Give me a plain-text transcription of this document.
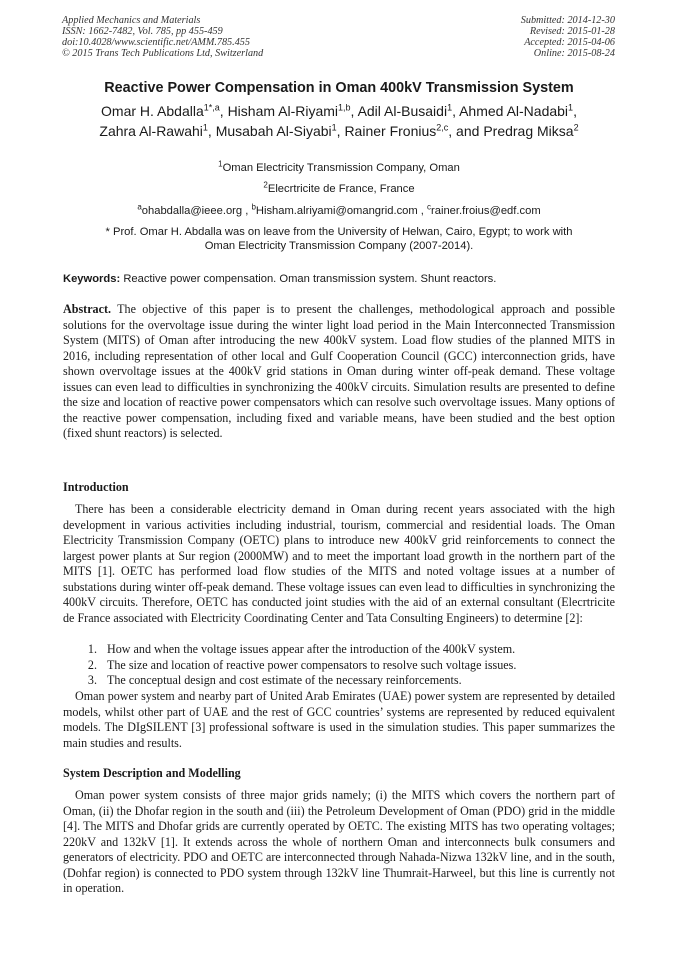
Applied Mechanics and Materials
ISSN: 1662-7482, Vol. 785, pp 455-459
doi:10.4028/www.scientific.net/AMM.785.455
© 2015 Trans Tech Publications Ltd, Switzerland
Submitted: 2014-12-30
Revised: 2015-01-28
Accepted: 2015-04-06
Online: 2015-08-24
Reactive Power Compensation in Oman 400kV Transmission System
Omar H. Abdalla$^{1*,a}$, Hisham Al-Riyami$^{1,b}$, Adil Al-Busaidi$^1$, Ahmed Al-Nadabi$^1$,
Zahra Al-Rawahi$^1$, Musabah Al-Siyabi$^1$, Rainer Fronius$^{2,c}$, and Predrag Miksa$^2$
$^1$Oman Electricity Transmission Company, Oman
$^2$Elecrtricite de France, France
$^a$ohabdalla@ieee.org , $^b$Hisham.alriyami@omangrid.com , $^c$rainer.froius@edf.com
* Prof. Omar H. Abdalla was on leave from the University of Helwan, Cairo, Egypt; to work with
Oman Electricity Transmission Company (2007-2014).
Keywords: Reactive power compensation. Oman transmission system. Shunt reactors.
Abstract. The objective of this paper is to present the challenges, methodological approach and possible solutions for the overvoltage issue during the winter light load period in the Main Interconnected Transmission System (MITS) of Oman after introducing the new 400kV system. Load flow studies of the planned MITS in 2016, including representation of other local and Gulf Cooperation Council (GCC) interconnection grids, have shown overvoltage issues at the 400kV grid stations in Oman during winter off-peak demand. These voltage issues can even lead to difficulties in synchronizing the 400kV circuits. Simulation results are presented to define the size and location of reactive power compensators which can resolve such overvoltage issues. Many options of the reactive power compensation, including fixed and variable means, have been studied and the best option (fixed shunt reactors) is selected.
Introduction
There has been a considerable electricity demand in Oman during recent years associated with the high development in various activities including industrial, tourism, commercial and residential loads. The Oman Electricity Transmission Company (OETC) plans to introduce new 400kV grid reinforcements to connect the largest power plants at Sur region (2000MW) and to meet the important load growth in the northern part of the MITS [1]. OETC has performed load flow studies of the MITS and noted voltage issues at a number of substations during winter off-peak demand. These voltage issues can even lead to difficulties in synchronizing the 400kV circuits. Therefore, OETC has conducted joint studies with the aid of an external consultant (Elecrtricite de France associated with Electricity Coordinating Center and Tata Consulting Engineers) to determine [2]:
1. How and when the voltage issues appear after the introduction of the 400kV system.
2. The size and location of reactive power compensators to resolve such voltage issues.
3. The conceptual design and cost estimate of the necessary reinforcements.
Oman power system and nearby part of United Arab Emirates (UAE) power system are represented by detailed models, whilst other part of UAE and the rest of GCC countries’ systems are represented by reduced equivalent models. The DIgSILENT [3] professional software is used in the simulation studies. This paper summarizes the main studies and results.
System Description and Modelling
Oman power system consists of three major grids namely; (i) the MITS which covers the northern part of Oman, (ii) the Dhofar region in the south and (iii) the Petroleum Development of Oman (PDO) grid in the middle [4]. The MITS and Dhofar grids are currently operated by OETC. The existing MITS has two operating voltages; 220kV and 132kV [1]. It extends across the whole of northern Oman and interconnects bulk consumers and generators of electricity. PDO and OETC are interconnected through Nahada-Nizwa 132kV line, and in the south, (Dohfar region) is connected to PDO system through 132kV line Thumrait-Harweel, but this line is currently not in operation.
